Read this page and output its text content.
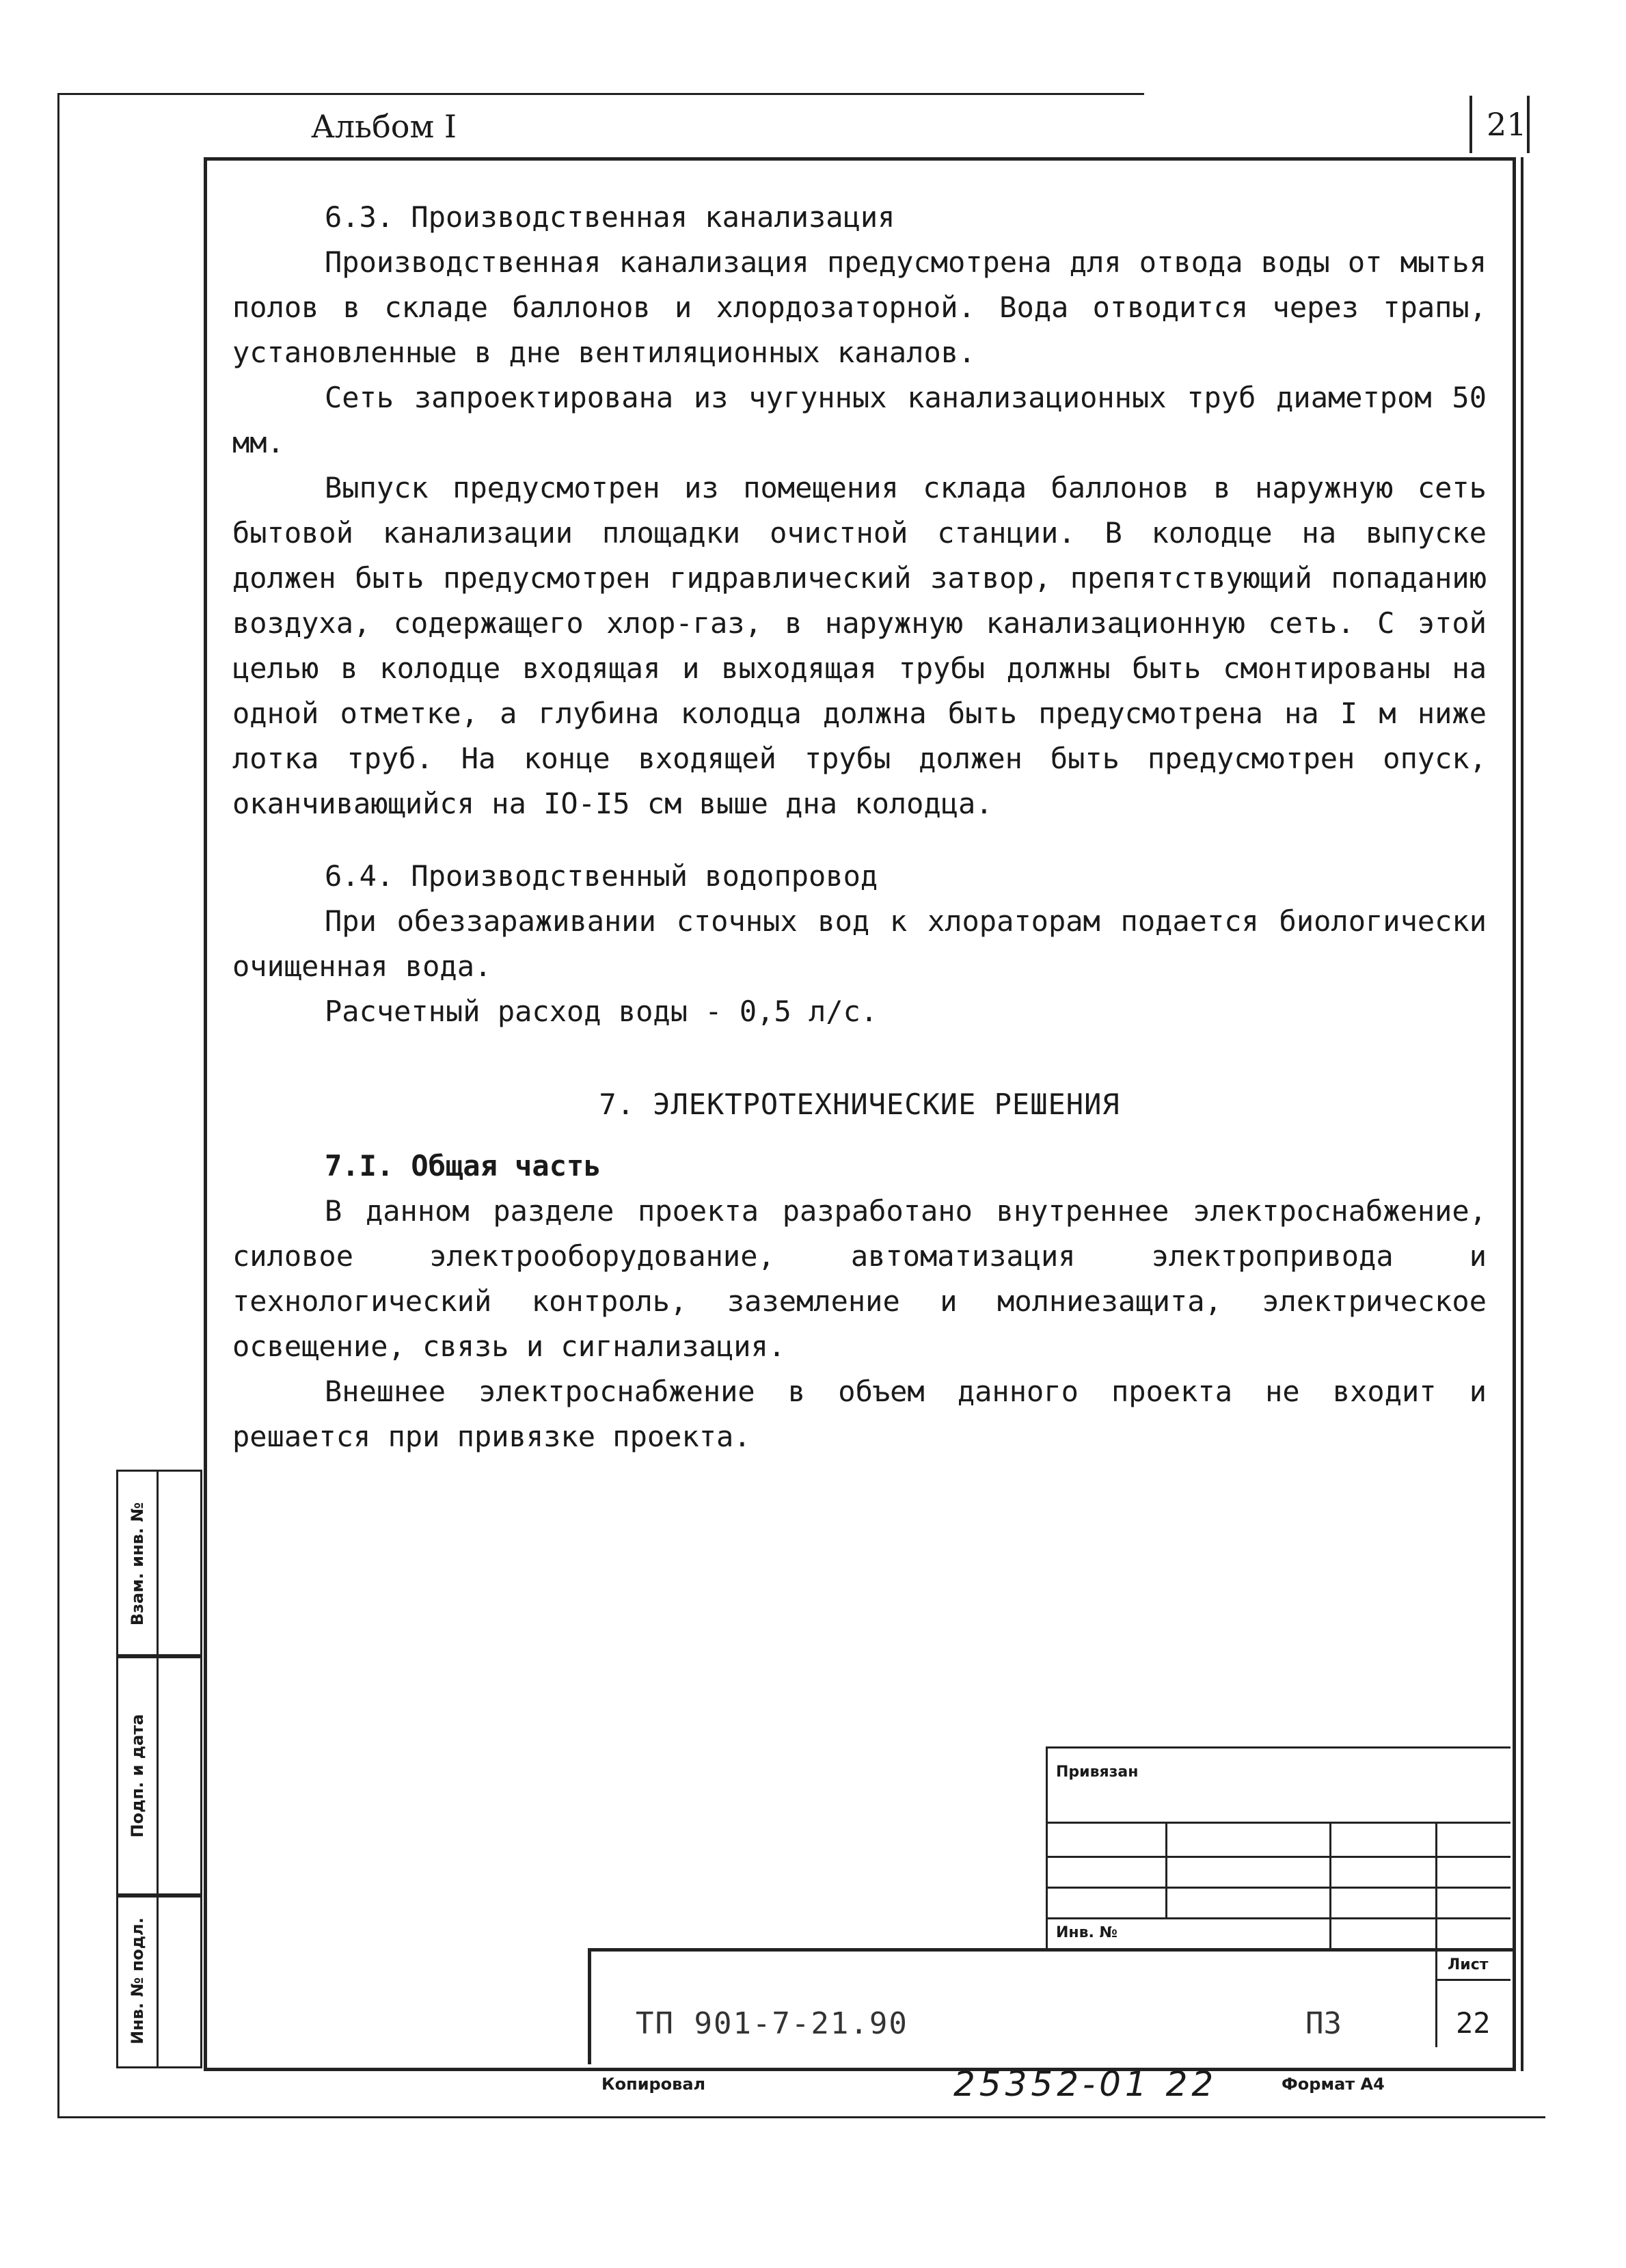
Альбом I	21
6.3. Производственная канализация

Производственная канализация предусмотрена для отвода воды от мытья полов в складе баллонов и хлордозаторной. Вода отводится через трапы, установленные в дне вентиляционных каналов.

Сеть запроектирована из чугунных канализационных труб диаметром 50 мм.

Выпуск предусмотрен из помещения склада баллонов в наружную сеть бытовой канализации площадки очистной станции. В колодце на выпуске должен быть предусмотрен гидравлический затвор, препятствующий попаданию воздуха, содержащего хлор-газ, в наружную канализационную сеть. С этой целью в колодце входящая и выходящая трубы должны быть смонтированы на одной отметке, а глубина колодца должна быть предусмотрена на I м ниже лотка труб. На конце входящей трубы должен быть предусмотрен опуск, оканчивающийся на IO-I5 см выше дна колодца.

6.4. Производственный водопровод

При обеззараживании сточных вод к хлораторам подается биологически очищенная вода.

Расчетный расход воды - 0,5 л/с.

7. ЭЛЕКТРОТЕХНИЧЕСКИЕ РЕШЕНИЯ

7.I. Общая часть

В данном разделе проекта разработано внутреннее электроснабжение, силовое электрооборудование, автоматизация электропривода и технологический контроль, заземление и молниезащита, электрическое освещение, связь и сигнализация.

Внешнее электроснабжение в объем данного проекта не входит и решается при привязке проекта.

Взам. инв. №
Подп. и дата
Инв. № подл.
Привязан
Инв. №
Лист
ТП 901-7-21.90	ПЗ	22
Копировал	25352-01 22	Формат А4
